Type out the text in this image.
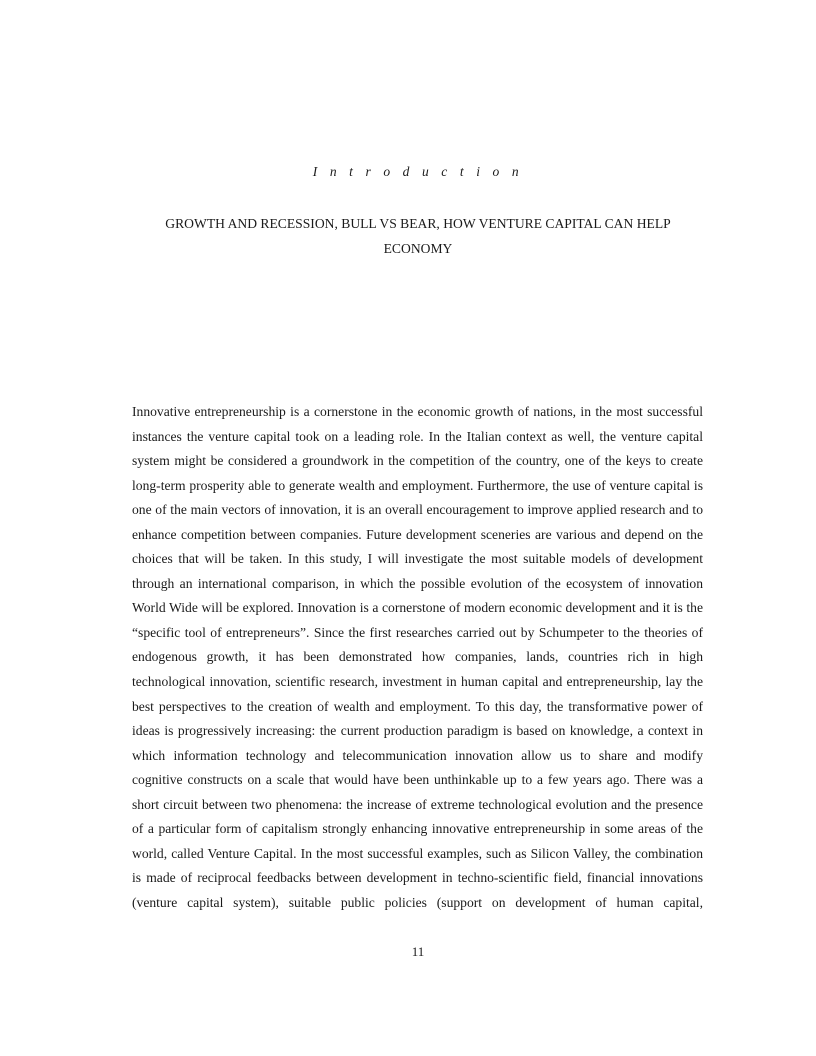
I n t r o d u c t i o n
GROWTH AND RECESSION, BULL VS BEAR, HOW VENTURE CAPITAL CAN HELP ECONOMY

Innovative entrepreneurship is a cornerstone in the economic growth of nations, in the most successful instances the venture capital took on a leading role. In the Italian context as well, the venture capital system might be considered a groundwork in the competition of the country, one of the keys to create long-term prosperity able to generate wealth and employment. Furthermore, the use of venture capital is one of the main vectors of innovation, it is an overall encouragement to improve applied research and to enhance competition between companies. Future development sceneries are various and depend on the choices that will be taken. In this study, I will investigate the most suitable models of development through an international comparison, in which the possible evolution of the ecosystem of innovation World Wide will be explored. Innovation is a cornerstone of modern economic development and it is the “specific tool of entrepreneurs”. Since the first researches carried out by Schumpeter to the theories of endogenous growth, it has been demonstrated how companies, lands, countries rich in high technological innovation, scientific research, investment in human capital and entrepreneurship, lay the best perspectives to the creation of wealth and employment. To this day, the transformative power of ideas is progressively increasing: the current production paradigm is based on knowledge, a context in which information technology and telecommunication innovation allow us to share and modify cognitive constructs on a scale that would have been unthinkable up to a few years ago. There was a short circuit between two phenomena: the increase of extreme technological evolution and the presence of a particular form of capitalism strongly enhancing innovative entrepreneurship in some areas of the world, called Venture Capital. In the most successful examples, such as Silicon Valley, the combination is made of reciprocal feedbacks between development in techno-scientific field, financial innovations (venture capital system), suitable public policies (support on development of human capital,

11
